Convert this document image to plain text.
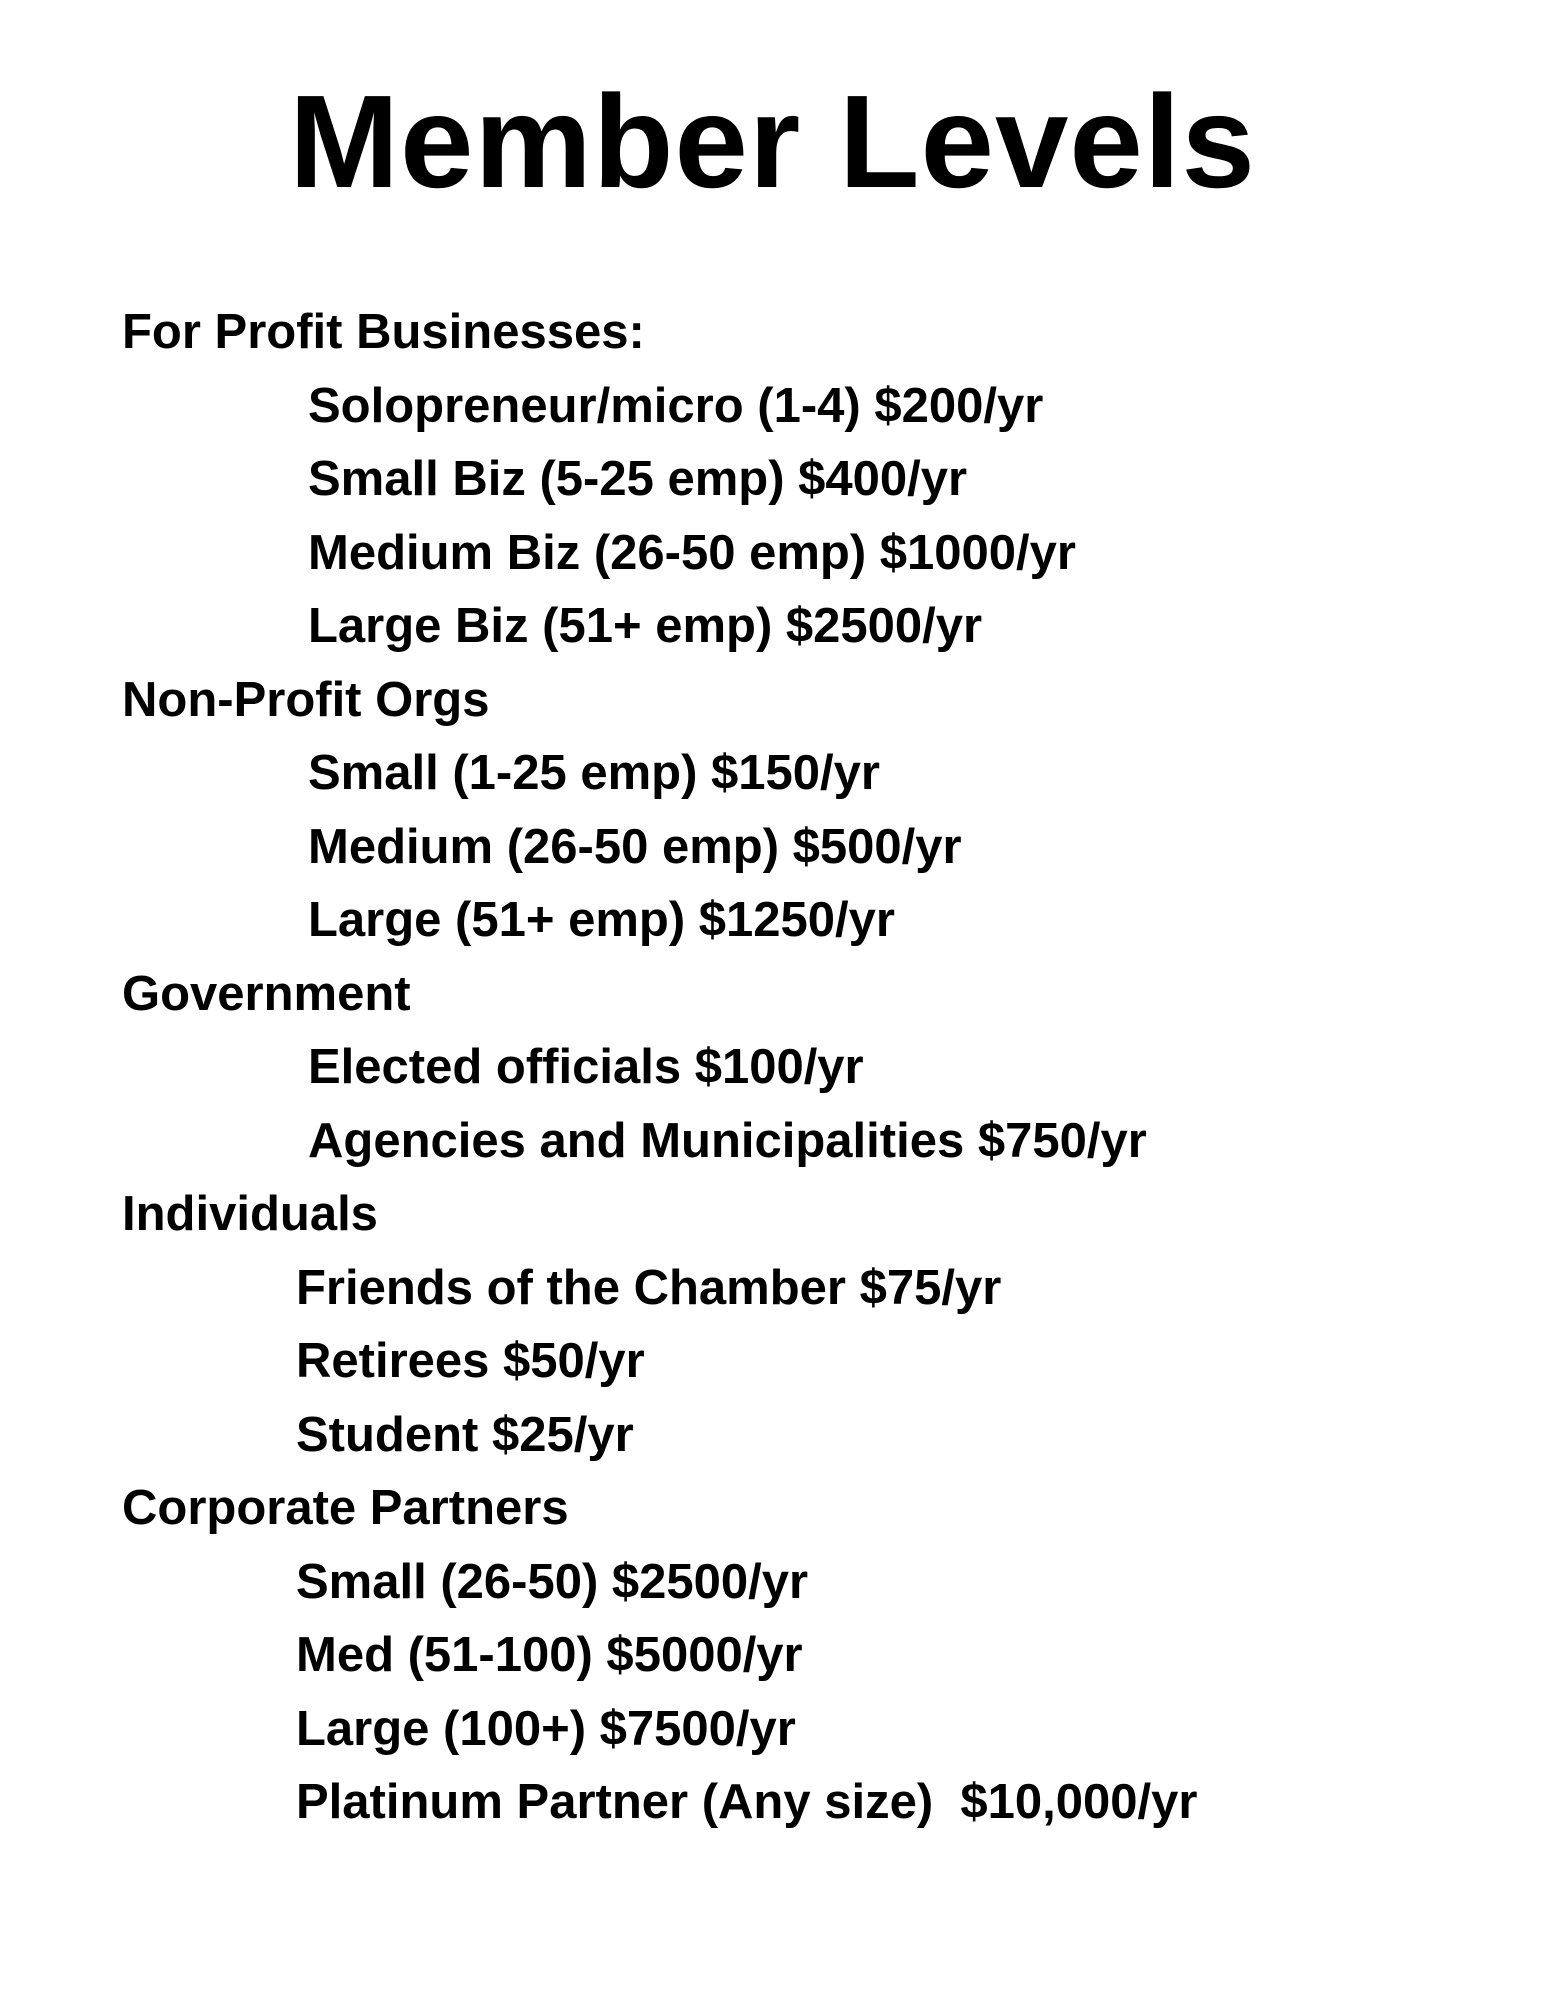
Member Levels
For Profit Businesses:
Solopreneur/micro (1-4) $200/yr
Small Biz (5-25 emp) $400/yr
Medium Biz (26-50 emp) $1000/yr
Large Biz (51+ emp) $2500/yr
Non-Profit Orgs
Small (1-25 emp) $150/yr
Medium (26-50 emp) $500/yr
Large (51+ emp) $1250/yr
Government
Elected officials $100/yr
Agencies and Municipalities $750/yr
Individuals
Friends of the Chamber $75/yr
Retirees $50/yr
Student $25/yr
Corporate Partners
Small (26-50) $2500/yr
Med (51-100) $5000/yr
Large (100+) $7500/yr
Platinum Partner (Any size)  $10,000/yr
